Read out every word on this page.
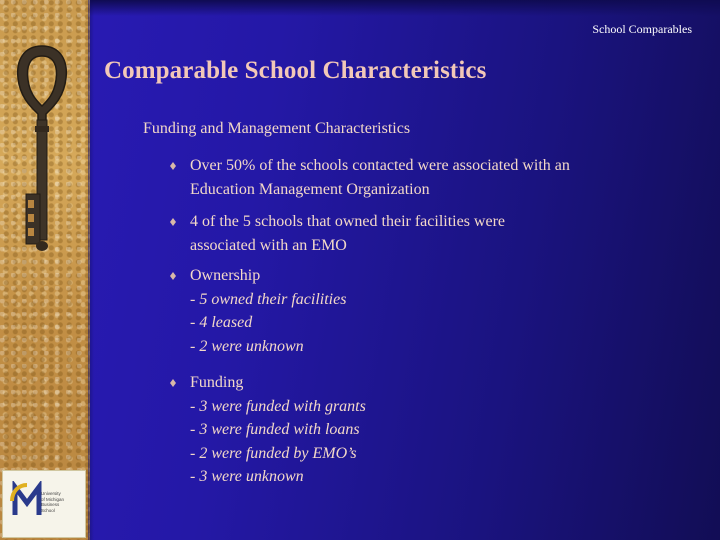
University
of Michigan
Business
School
School Comparables
Comparable School Characteristics
Funding and Management Characteristics
Over 50% of the schools contacted were associated with an
Education Management Organization
4 of the 5 schools that owned their facilities were
associated with an EMO
Ownership
- 5 owned their facilities
- 4 leased
- 2 were unknown
Funding
- 3 were funded with grants
- 3 were funded with loans
- 2 were funded by EMO’s
- 3 were unknown
